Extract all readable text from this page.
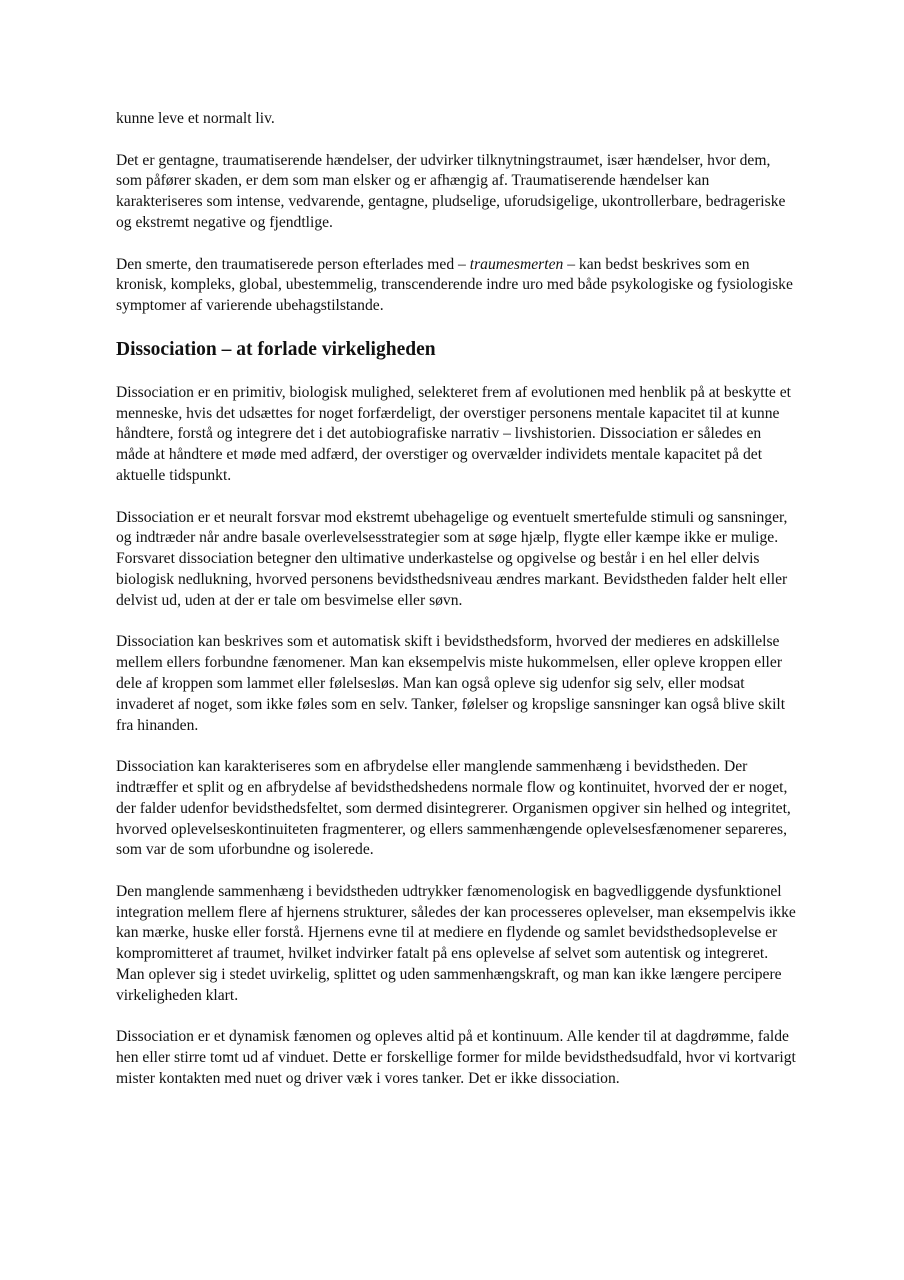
kunne leve et normalt liv.

Det er gentagne, traumatiserende hændelser, der udvirker tilknytningstraumet, især hændelser, hvor dem, som påfører skaden, er dem som man elsker og er afhængig af. Traumatiserende hændelser kan karakteriseres som intense, vedvarende, gentagne, pludselige, uforudsigelige, ukontrollerbare, bedrageriske og ekstremt negative og fjendtlige.

Den smerte, den traumatiserede person efterlades med – traumesmerten – kan bedst beskrives som en kronisk, kompleks, global, ubestemmelig, transcenderende indre uro med både psykologiske og fysiologiske symptomer af varierende ubehagstilstande.

Dissociation – at forlade virkeligheden

Dissociation er en primitiv, biologisk mulighed, selekteret frem af evolutionen med henblik på at beskytte et menneske, hvis det udsættes for noget forfærdeligt, der overstiger personens mentale kapacitet til at kunne håndtere, forstå og integrere det i det autobiografiske narrativ – livshistorien. Dissociation er således en måde at håndtere et møde med adfærd, der overstiger og overvælder individets mentale kapacitet på det aktuelle tidspunkt.

Dissociation er et neuralt forsvar mod ekstremt ubehagelige og eventuelt smertefulde stimuli og sansninger, og indtræder når andre basale overlevelsesstrategier som at søge hjælp, flygte eller kæmpe ikke er mulige. Forsvaret dissociation betegner den ultimative underkastelse og opgivelse og består i en hel eller delvis biologisk nedlukning, hvorved personens bevidsthedsniveau ændres markant. Bevidstheden falder helt eller delvist ud, uden at der er tale om besvimelse eller søvn.

Dissociation kan beskrives som et automatisk skift i bevidsthedsform, hvorved der medieres en adskillelse mellem ellers forbundne fænomener. Man kan eksempelvis miste hukommelsen, eller opleve kroppen eller dele af kroppen som lammet eller følelsesløs. Man kan også opleve sig udenfor sig selv, eller modsat invaderet af noget, som ikke føles som en selv. Tanker, følelser og kropslige sansninger kan også blive skilt fra hinanden.

Dissociation kan karakteriseres som en afbrydelse eller manglende sammenhæng i bevidstheden. Der indtræffer et split og en afbrydelse af bevidsthedshedens normale flow og kontinuitet, hvorved der er noget, der falder udenfor bevidsthedsfeltet, som dermed disintegrerer. Organismen opgiver sin helhed og integritet, hvorved oplevelseskontinuiteten fragmenterer, og ellers sammenhængende oplevelsesfænomener separeres, som var de som uforbundne og isolerede.

Den manglende sammenhæng i bevidstheden udtrykker fænomenologisk en bagvedliggende dysfunktionel integration mellem flere af hjernens strukturer, således der kan processeres oplevelser, man eksempelvis ikke kan mærke, huske eller forstå. Hjernens evne til at mediere en flydende og samlet bevidsthedsoplevelse er kompromitteret af traumet, hvilket indvirker fatalt på ens oplevelse af selvet som autentisk og integreret. Man oplever sig i stedet uvirkelig, splittet og uden sammenhængskraft, og man kan ikke længere percipere virkeligheden klart.

Dissociation er et dynamisk fænomen og opleves altid på et kontinuum. Alle kender til at dagdrømme, falde hen eller stirre tomt ud af vinduet. Dette er forskellige former for milde bevidsthedsudfald, hvor vi kortvarigt mister kontakten med nuet og driver væk i vores tanker. Det er ikke dissociation.
